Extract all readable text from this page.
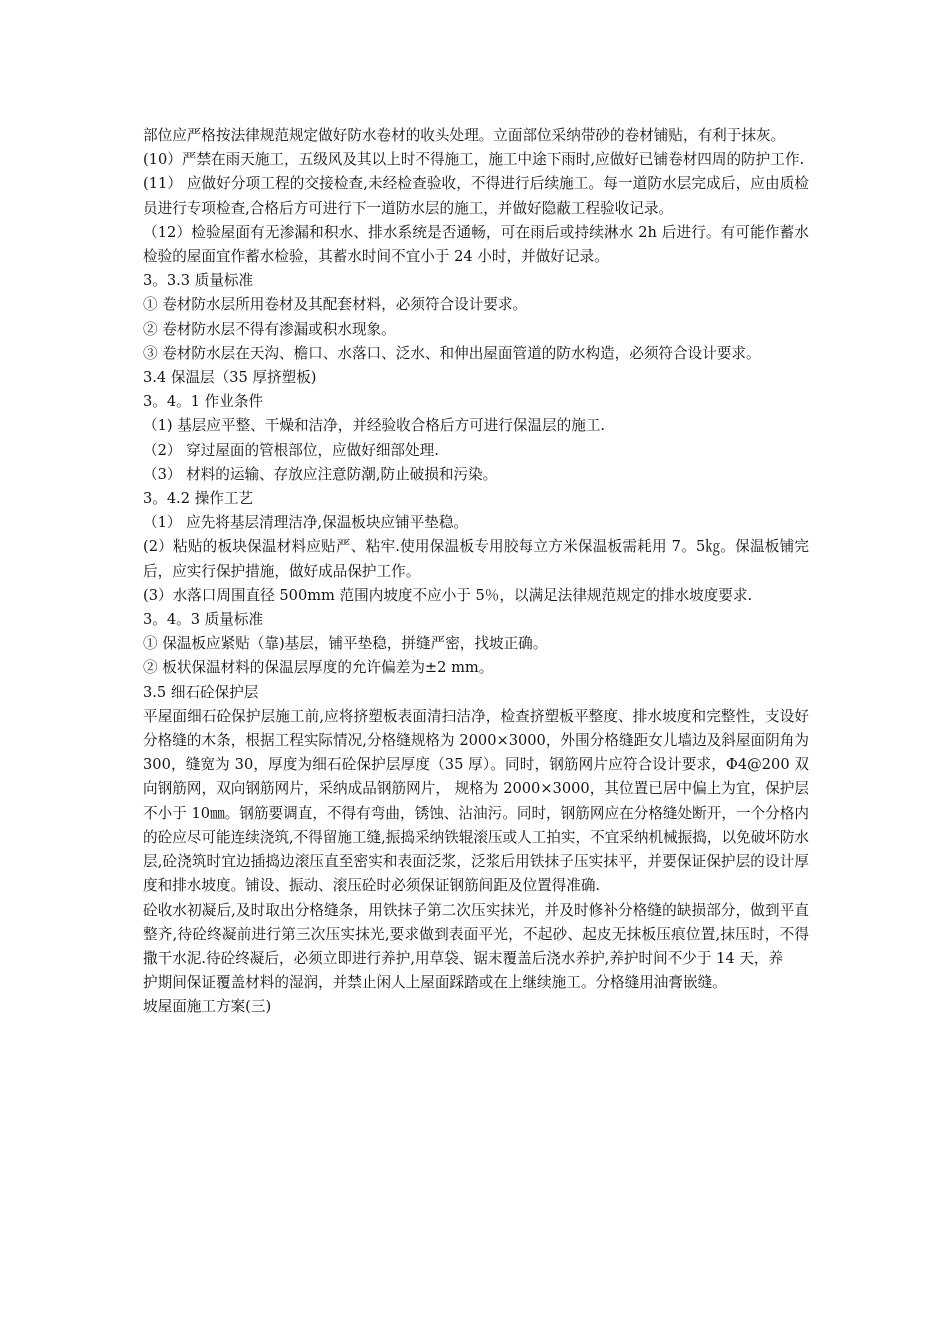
部位应严格按法律规范规定做好防水卷材的收头处理。立面部位采纳带砂的卷材铺贴，有利于抹灰。

(10）严禁在雨天施工，五级风及其以上时不得施工，施工中途下雨时,应做好已铺卷材四周的防护工作.

(11） 应做好分项工程的交接检查,未经检查验收，不得进行后续施工。每一道防水层完成后，应由质检员进行专项检查,合格后方可进行下一道防水层的施工，并做好隐蔽工程验收记录。

（12）检验屋面有无渗漏和积水、排水系统是否通畅，可在雨后或持续淋水 2h 后进行。有可能作蓄水检验的屋面宜作蓄水检验，其蓄水时间不宜小于 24 小时，并做好记录。

3。3.3 质量标准

① 卷材防水层所用卷材及其配套材料，必须符合设计要求。

② 卷材防水层不得有渗漏或积水现象。

③ 卷材防水层在天沟、檐口、水落口、泛水、和伸出屋面管道的防水构造，必须符合设计要求。

3.4 保温层（35 厚挤塑板)

3。4。1 作业条件

（1) 基层应平整、干燥和洁净，并经验收合格后方可进行保温层的施工.

（2） 穿过屋面的管根部位，应做好细部处理.

（3） 材料的运输、存放应注意防潮,防止破损和污染。

3。4.2 操作工艺

（1） 应先将基层清理洁净,保温板块应铺平垫稳。

(2）粘贴的板块保温材料应贴严、粘牢.使用保温板专用胶每立方米保温板需耗用 7。5㎏。保温板铺完后，应实行保护措施，做好成品保护工作。

(3）水落口周围直径 500mm 范围内坡度不应小于 5％，以满足法律规范规定的排水坡度要求.

3。4。3 质量标准

① 保温板应紧贴（靠)基层，铺平垫稳，拼缝严密，找坡正确。

② 板状保温材料的保温层厚度的允许偏差为±2 mm。

3.5 细石砼保护层

平屋面细石砼保护层施工前,应将挤塑板表面清扫洁净，检查挤塑板平整度、排水坡度和完整性，支设好分格缝的木条，根据工程实际情况,分格缝规格为 2000×3000，外围分格缝距女儿墙边及斜屋面阴角为 300，缝宽为 30，厚度为细石砼保护层厚度（35 厚）。同时，钢筋网片应符合设计要求，Φ4@200 双向钢筋网，双向钢筋网片，采纳成品钢筋网片， 规格为 2000×3000，其位置已居中偏上为宜，保护层不小于 10㎜。钢筋要调直，不得有弯曲，锈蚀、沾油污。同时，钢筋网应在分格缝处断开，一个分格内的砼应尽可能连续浇筑,不得留施工缝,振捣采纳铁辊滚压或人工拍实，不宜采纳机械振捣，以免破坏防水层,砼浇筑时宜边插捣边滚压直至密实和表面泛浆，泛浆后用铁抹子压实抹平，并要保证保护层的设计厚度和排水坡度。铺设、振动、滚压砼时必须保证钢筋间距及位置得准确.

砼收水初凝后,及时取出分格缝条，用铁抹子第二次压实抹光，并及时修补分格缝的缺损部分，做到平直整齐,待砼终凝前进行第三次压实抹光,要求做到表面平光，不起砂、起皮无抹板压痕位置,抹压时，不得撒干水泥.待砼终凝后，必须立即进行养护,用草袋、锯末覆盖后浇水养护,养护时间不少于 14 天，养

护期间保证覆盖材料的湿润，并禁止闲人上屋面踩踏或在上继续施工。分格缝用油膏嵌缝。

坡屋面施工方案(三)
